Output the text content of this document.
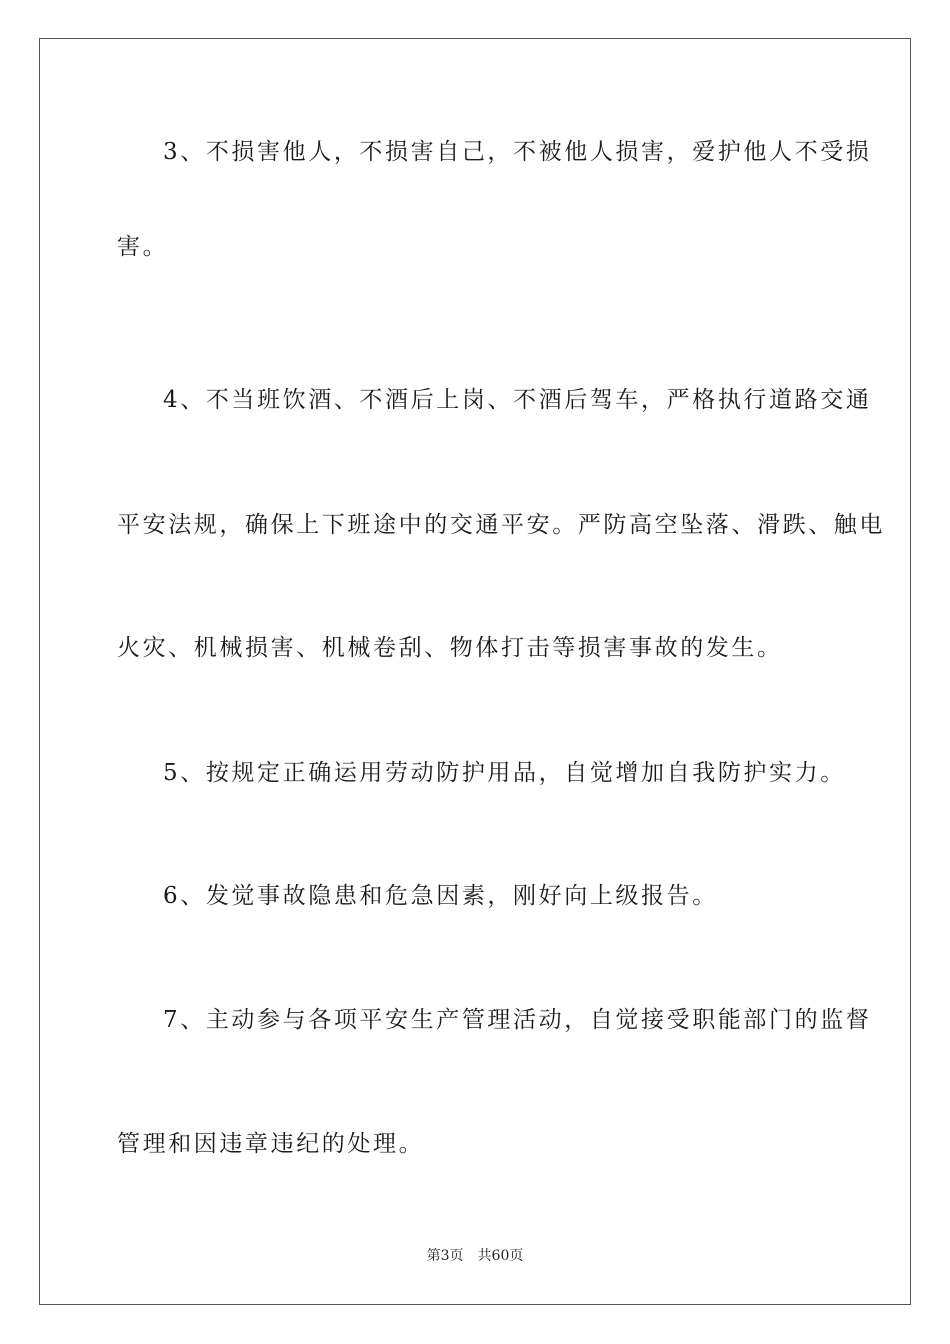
3、不损害他人，不损害自己，不被他人损害，爱护他人不受损
害。
4、不当班饮酒、不酒后上岗、不酒后驾车，严格执行道路交通
平安法规，确保上下班途中的交通平安。严防高空坠落、滑跌、触电
火灾、机械损害、机械卷刮、物体打击等损害事故的发生。
5、按规定正确运用劳动防护用品，自觉增加自我防护实力。
6、发觉事故隐患和危急因素，刚好向上级报告。
7、主动参与各项平安生产管理活动，自觉接受职能部门的监督
管理和因违章违纪的处理。
第3页 共60页
